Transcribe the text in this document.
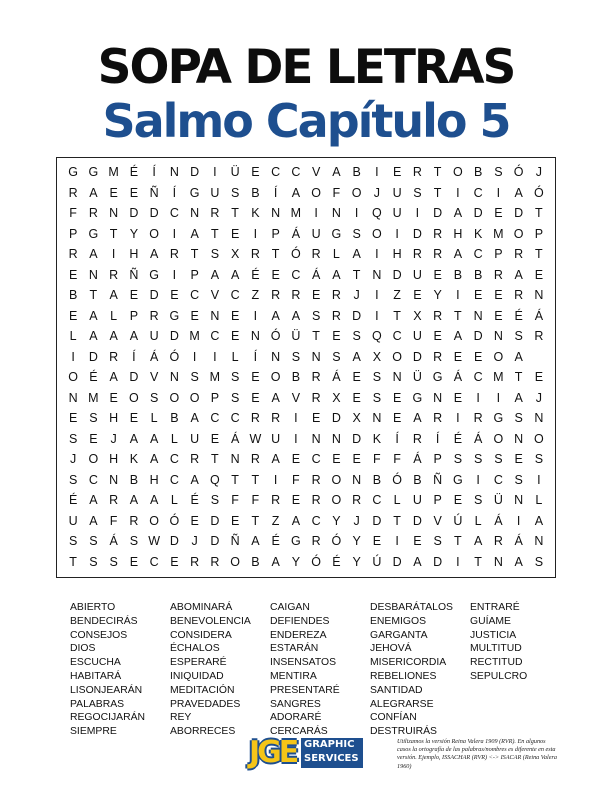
SOPA DE LETRAS
Salmo Capítulo 5
G G M É	Í	N D	I	Ü E C C V A B	I	E R T O B S Ó J
R A E E Ñ	Í	G U S B	Í	A O F O J	U S T	I	C	I	A Ó
F R N D D C N R T K N M	I	N	I	Q U	I	D A D E D T
P G T Y O	I	A T E	I	P Á U G S O	I	D R H K M O P
R A	I	H A R T S X R T Ó R L	A	I	H R R A C P R T
E N R Ñ G	I	P A A É E C Á A T N D U E B B R A E
B T A E D E C V C Z R R E R	J	I	Z E Y	I	E E R N
E A	L	P R G E N E	I	A A S R D	I	T X R T N E É Á
L	A A A U D M C E N Ó Ü T E S Q C U E A D N S R
I	D R	Í	Á Ó	I	I	L	Í	N S N S A X O D R E E O A
O É A D V N S M S E O B R Á E S N Ü G Á C M T E
N M E O S O O P S E A V R X E S E G N E	I	I	A	J
E S H E	L	B A C C R R	I	E D X N E A R	I	R G S N
S E	J	A A	L U E Á W U	I	N N D K	Í	R	Í	É Á O N O
J O H K A C R T N R A E C E E F	F Á P S S S E S
S C N B H C A Q T	T	I	F R O N B Ó B Ñ G	I	C S	I
É A R A A	L	É S F	F R E R O R C L U P E S Ü N L
U A F R O Ó E D E T	Z A C Y	J	D T D V Ú L	Á	I	A
S S Á S W D	J	D Ñ A É G R Ó Y E	I	E S T A R Á N
T S S E C E R R O B A Y Ó É Y Ú D A D	I	T N A S
ABIERTO
BENDECIRÁS
CONSEJOS
DIOS
ESCUCHA
HABITARÁ
LISONJEARÁN
PALABRAS
REGOCIJARÁN
SIEMPRE
ABOMINARÁ
BENEVOLENCIA
CONSIDERA
ÉCHALOS
ESPERARÉ
INIQUIDAD
MEDITACIÓN
PRAVEDADES
REY
ABORRECES
CAIGAN
DEFIENDES
ENDEREZA
ESTARÁN
INSENSATOS
MENTIRA
PRESENTARÉ
SANGRES
ADORARÉ
CERCARÁS
DESBARÁTALOS
ENEMIGOS
GARGANTA
JEHOVÁ
MISERICORDIA
REBELIONES
SANTIDAD
ALEGRARSE
CONFÍAN
DESTRUIRÁS
ENTRARÉ
GUÍAME
JUSTICIA
MULTITUD
RECTITUD
SEPULCRO
JGE GRAPHIC
SERVICES
Utilizamos la versión Reina Valera 1909 (RVR). En algunos casos la ortografía de las palabras/nombres es diferente en esta versión. Ejemplo, ISSACHAR (RVR) <-> ISACAR (Reina Valera 1960)
